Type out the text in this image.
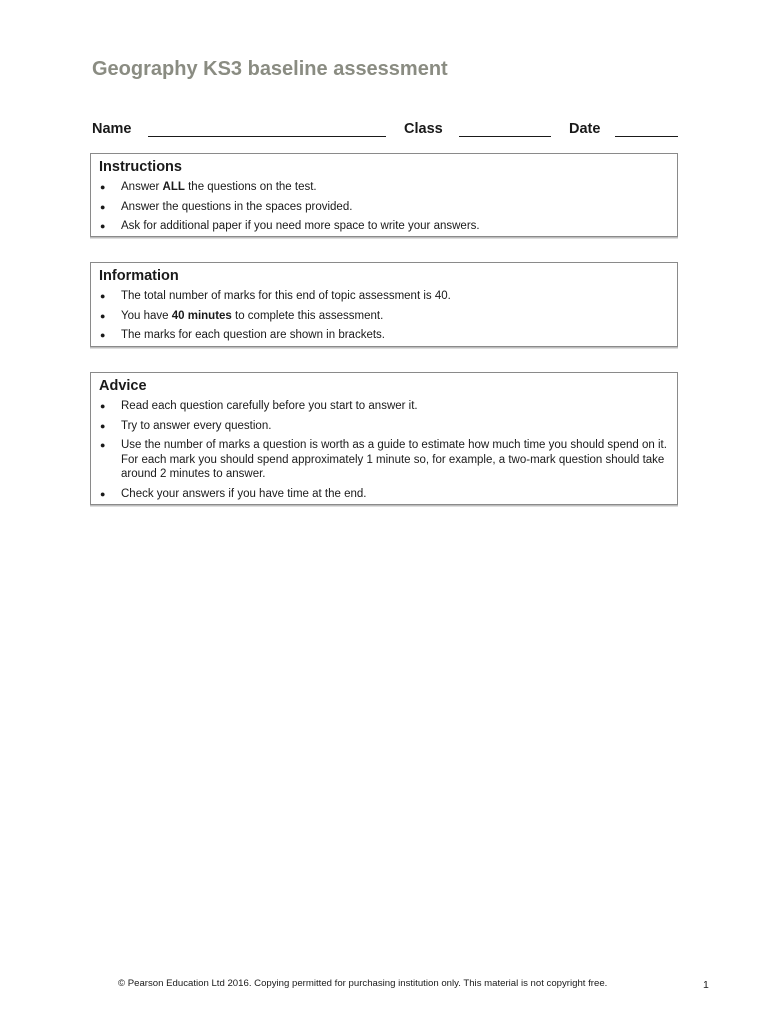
Geography KS3 baseline assessment
Name	Class	Date
Instructions
● Answer ALL the questions on the test.
● Answer the questions in the spaces provided.
● Ask for additional paper if you need more space to write your answers.
Information
● The total number of marks for this end of topic assessment is 40.
● You have 40 minutes to complete this assessment.
● The marks for each question are shown in brackets.
Advice
● Read each question carefully before you start to answer it.
● Try to answer every question.
● Use the number of marks a question is worth as a guide to estimate how much time you should spend on it. For each mark you should spend approximately 1 minute so, for example, a two-mark question should take around 2 minutes to answer.
● Check your answers if you have time at the end.
© Pearson Education Ltd 2016. Copying permitted for purchasing institution only. This material is not copyright free.	1
